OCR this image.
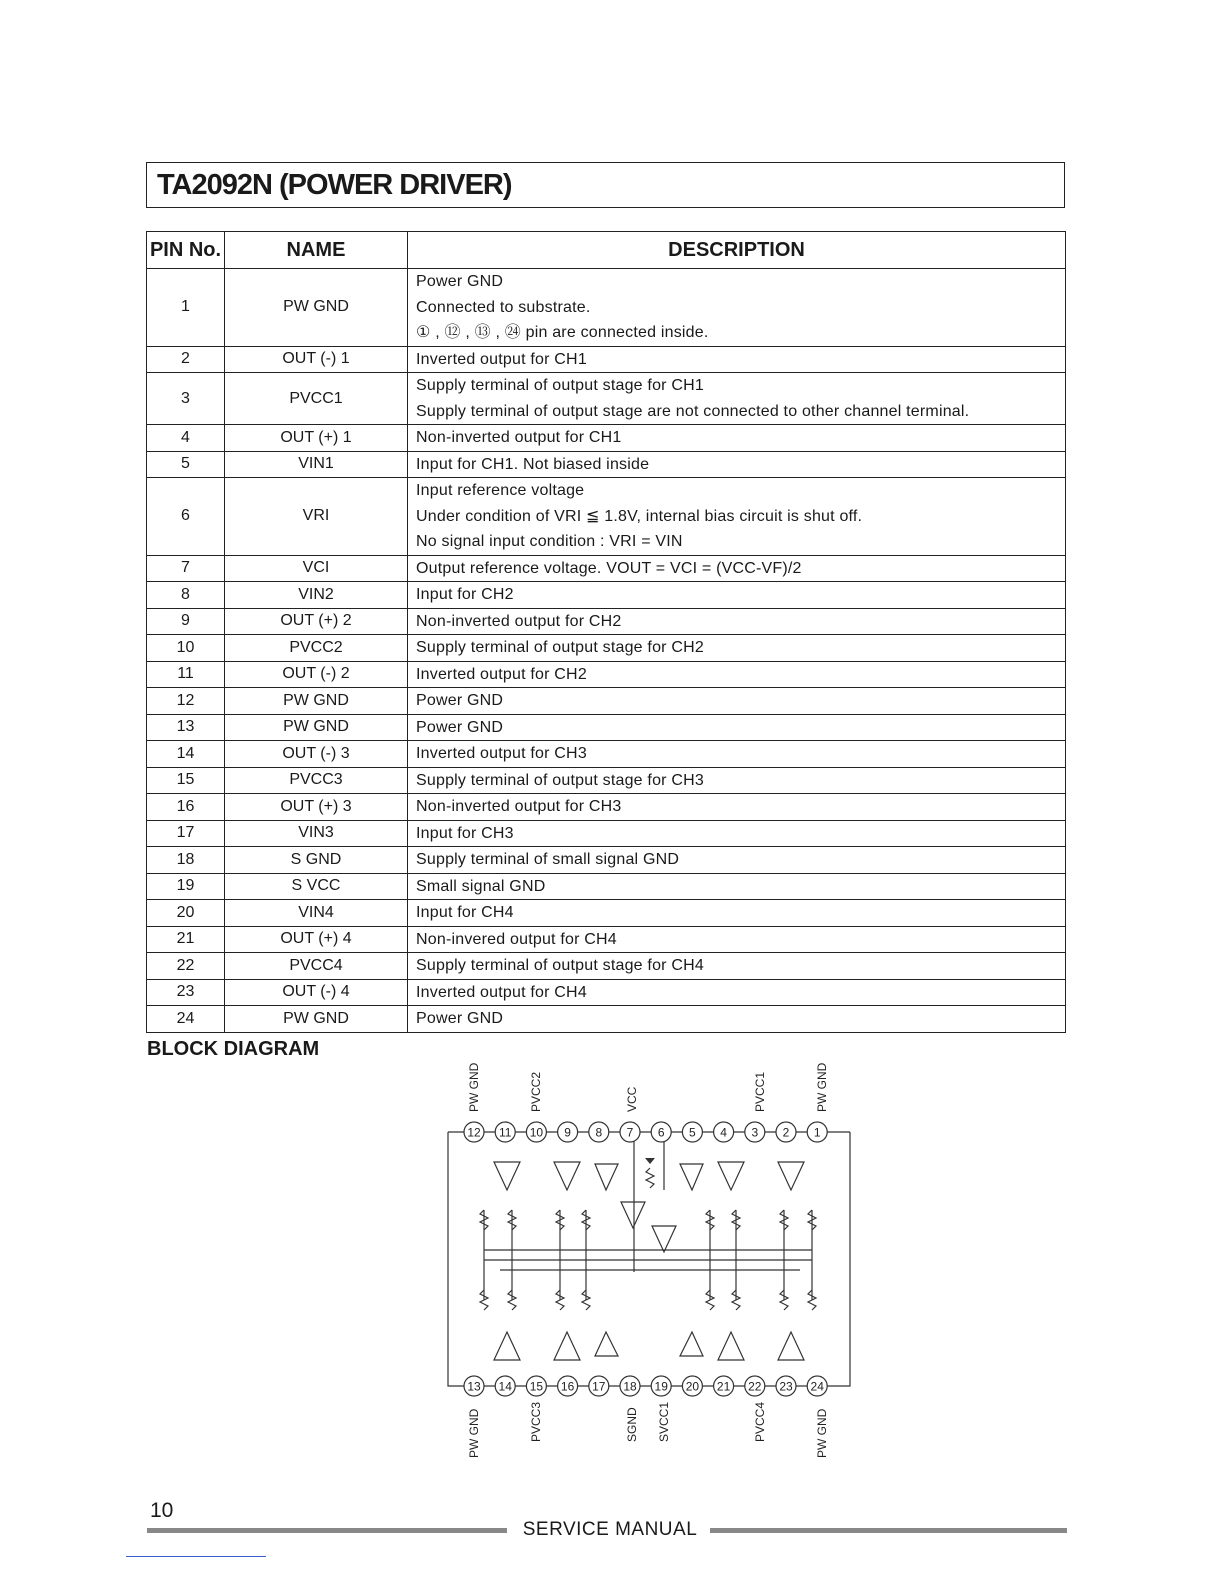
TA2092N (POWER DRIVER)
PIN No.	NAME	DESCRIPTION
1	PW GND	Power GND
Connected to substrate.
① , ⑫ , ⑬ , ㉔ pin are connected inside.

2	OUT (-) 1	Inverted output for CH1

3	PVCC1	Supply terminal of output stage for CH1
Supply terminal of output stage are not connected to other channel terminal.

4	OUT (+) 1	Non-inverted output for CH1

5	VIN1	Input for CH1. Not biased inside

6	VRI	Input reference voltage
Under condition of VRI ≦ 1.8V, internal bias circuit is shut off.
No signal input condition : VRI = VIN

7	VCI	Output reference voltage. VOUT = VCI = (VCC-VF)/2

8	VIN2	Input for CH2

9	OUT (+) 2	Non-inverted output for CH2

10	PVCC2	Supply terminal of output stage for CH2

11	OUT (-) 2	Inverted output for CH2

12	PW GND	Power GND

13	PW GND	Power GND

14	OUT (-) 3	Inverted output for CH3

15	PVCC3	Supply terminal of output stage for CH3

16	OUT (+) 3	Non-inverted output for CH3

17	VIN3	Input for CH3

18	S GND	Supply terminal of small signal GND

19	S VCC	Small signal GND

20	VIN4	Input for CH4

21	OUT (+) 4	Non-invered output for CH4

22	PVCC4	Supply terminal of output stage for CH4

23	OUT (-) 4	Inverted output for CH4

24	PW GND	Power GND
BLOCK DIAGRAM
12 11 10 9 8 7 6 5 4 3 2 1
13 14 15 16 17 18 19 20 21 22 23 24
PW GND	PVCC2	VCC	PVCC1	PW GND
PW GND	PVCC3	SGND SVCC1	PVCC4	PW GND

10

SERVICE MANUAL
